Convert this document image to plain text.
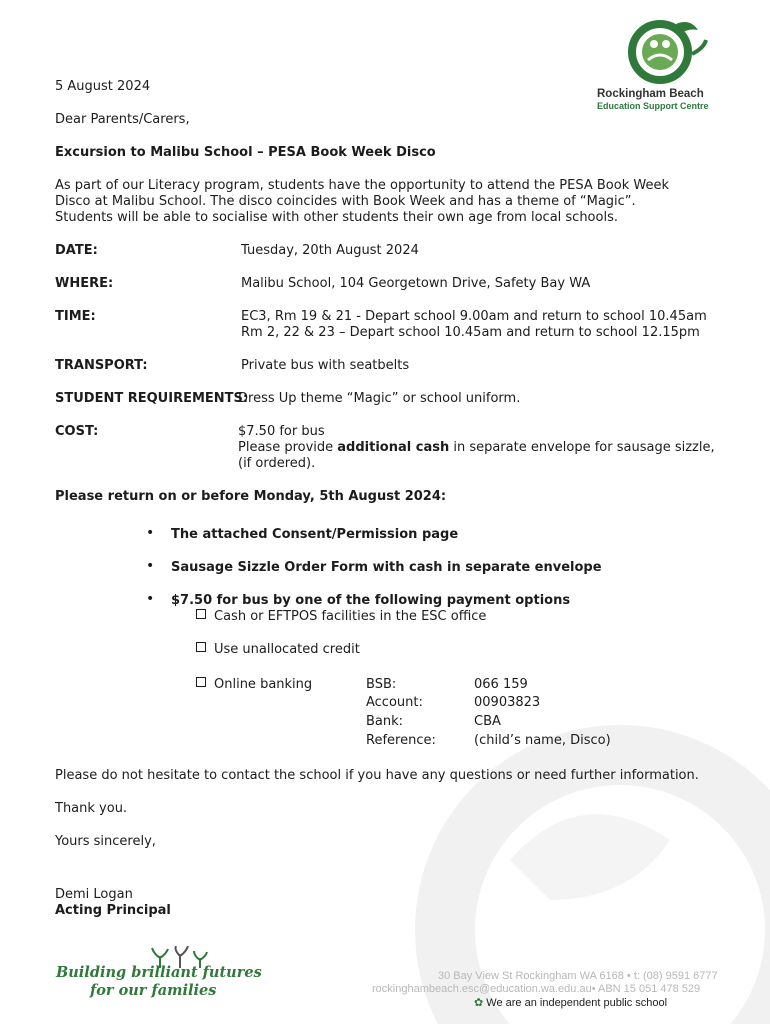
Rockingham Beach
Education Support Centre
5 August 2024
Dear Parents/Carers,
Excursion to Malibu School – PESA Book Week Disco
As part of our Literacy program, students have the opportunity to attend the PESA Book Week
Disco at Malibu School. The disco coincides with Book Week and has a theme of “Magic”.
Students will be able to socialise with other students their own age from local schools.
DATE:	Tuesday, 20th August 2024
WHERE:	Malibu School, 104 Georgetown Drive, Safety Bay WA
TIME:	EC3, Rm 19 & 21 - Depart school 9.00am and return to school 10.45am
Rm 2, 22 & 23 – Depart school 10.45am and return to school 12.15pm
TRANSPORT:	Private bus with seatbelts
STUDENT REQUIREMENTS:
Dress Up theme “Magic” or school uniform.
COST:	$7.50 for bus
Please provide additional cash in separate envelope for sausage sizzle,
(if ordered).
Please return on or before Monday, 5th August 2024:
• The attached Consent/Permission page
• Sausage Sizzle Order Form with cash in separate envelope
• $7.50 for bus by one of the following payment options
Cash or EFTPOS facilities in the ESC office
Use unallocated credit
Online banking	BSB:	066 159
Account:	00903823
Bank:	CBA
Reference:	(child’s name, Disco)
Please do not hesitate to contact the school if you have any questions or need further information.
Thank you.
Yours sincerely,
Demi Logan
Acting Principal
Building brilliant futures
for our families
30 Bay View St Rockingham WA 6168 • t: (08) 9591 6777
rockinghambeach.esc@education.wa.edu.au• ABN 15 051 478 529
✿ We are an independent public school
